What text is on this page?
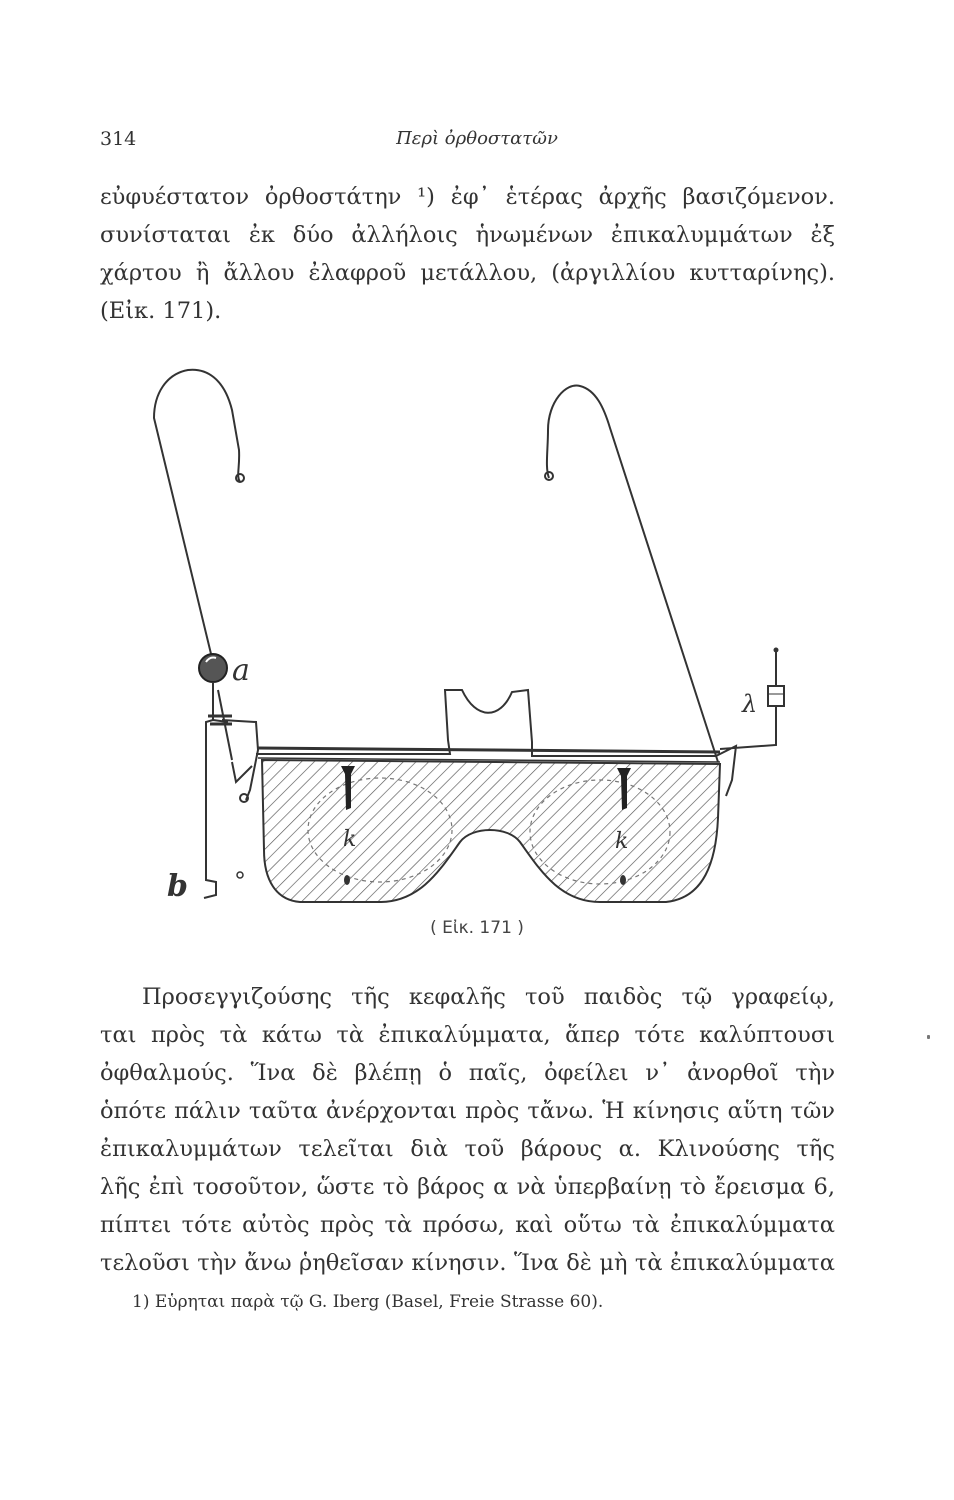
314	Περὶ ὀρθοστατῶν
εὐφυέστατον ὀρθοστάτην ¹) ἐφ᾿ ἑτέρας ἀρχῆς βασιζόμενον.
συνίσταται ἐκ δύο ἀλλήλοις ἡνωμένων ἐπικαλυμμάτων ἐξ
χάρτου ἢ ἄλλου ἐλαφροῦ μετάλλου, (ἀργιλλίου κυτταρίνης).
(Εἰκ. 171).
a
b
λ
k	k
( Εἰκ. 171 )
Προσεγγιζούσης τῆς κεφαλῆς τοῦ παιδὸς τῷ γραφείῳ,
ται πρὸς τὰ κάτω τὰ ἐπικαλύμματα, ἅπερ τότε καλύπτουσι
ὀφθαλμούς. Ἵνα δὲ βλέπῃ ὁ παῖς, ὀφείλει ν᾿ ἀνορθοῖ τὴν
ὁπότε πάλιν ταῦτα ἀνέρχονται πρὸς τἄνω. Ἡ κίνησις αὕτη τῶν
ἐπικαλυμμάτων τελεῖται διὰ τοῦ βάρους α. Κλινούσης τῆς
λῆς ἐπὶ τοσοῦτον, ὥστε τὸ βάρος α νὰ ὑπερβαίνῃ τὸ ἔρεισμα 6,
πίπτει τότε αὐτὸς πρὸς τὰ πρόσω, καὶ οὕτω τὰ ἐπικαλύμματα
τελοῦσι τὴν ἄνω ῥηθεῖσαν κίνησιν. Ἵνα δὲ μὴ τὰ ἐπικαλύμματα
1) Εὑρηται παρὰ τῷ G. Iberg (Basel, Freie Strasse 60).
